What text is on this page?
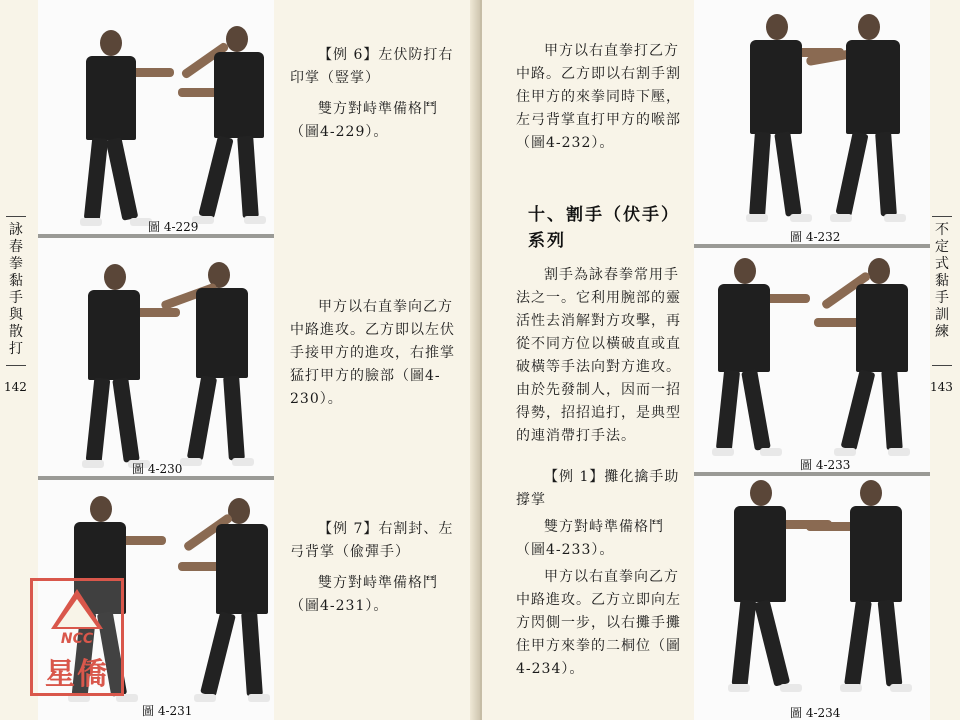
圖 4-229
圖 4-230
圖 4-231
詠春拳黏手與散打
142
【例 6】左伏防打右印掌（豎掌）
雙方對峙準備格鬥（圖4-229）。
甲方以右直拳向乙方中路進攻。乙方即以左伏手接甲方的進攻，右推掌猛打甲方的臉部（圖4-230）。
【例 7】右割封、左弓背掌（偸彈手）
雙方對峙準備格鬥（圖4-231）。
NCC
星僑
甲方以右直拳打乙方中路。乙方即以右割手割住甲方的來拳同時下壓，左弓背掌直打甲方的喉部（圖4-232）。
十、割手（伏手）系列
割手為詠春拳常用手法之一。它利用腕部的靈活性去消解對方攻擊，再從不同方位以橫破直或直破橫等手法向對方進攻。由於先發制人，因而一招得勢，招招追打，是典型的連消帶打手法。
【例 1】攤化擒手助撐掌
雙方對峙準備格鬥（圖4-233）。
甲方以右直拳向乙方中路進攻。乙方立即向左方閃側一步，以右攤手攤住甲方來拳的二桐位（圖4-234）。
圖 4-232
圖 4-233
圖 4-234
不定式黏手訓練
143
